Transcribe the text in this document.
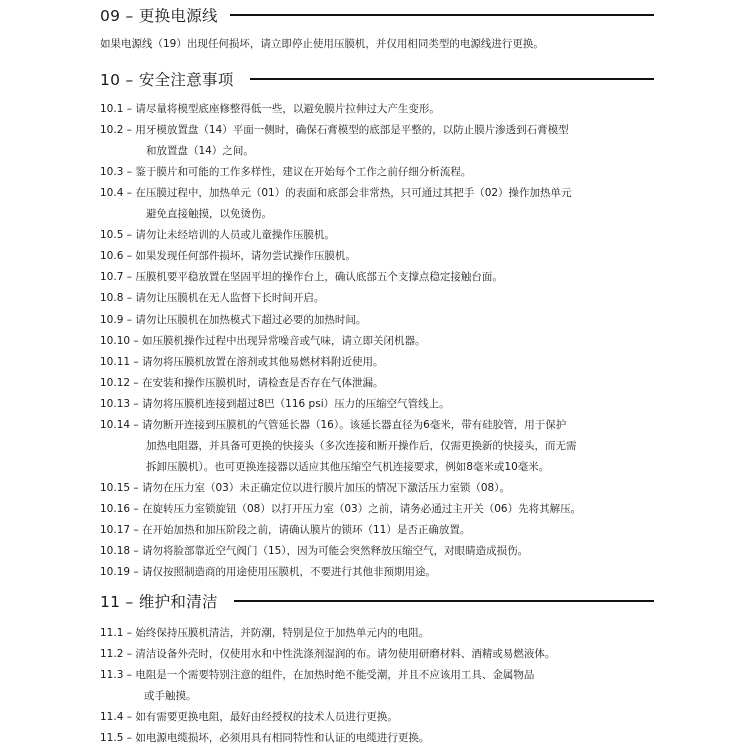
09 – 更换电源线
如果电源线（19）出现任何损坏，请立即停止使用压膜机，并仅用相同类型的电源线进行更换。
10 – 安全注意事项
10.1 – 请尽量将模型底座修整得低一些，以避免膜片拉伸过大产生变形。
10.2 – 用牙模放置盘（14）平面一侧时，确保石膏模型的底部是平整的，以防止膜片渗透到石膏模型
和放置盘（14）之间。
10.3 – 鉴于膜片和可能的工作多样性，建议在开始每个工作之前仔细分析流程。
10.4 – 在压膜过程中，加热单元（01）的表面和底部会非常热，只可通过其把手（02）操作加热单元
避免直接触摸，以免烫伤。
10.5 – 请勿让未经培训的人员或儿童操作压膜机。
10.6 – 如果发现任何部件损坏，请勿尝试操作压膜机。
10.7 – 压膜机要平稳放置在坚固平坦的操作台上，确认底部五个支撑点稳定接触台面。
10.8 – 请勿让压膜机在无人监督下长时间开启。
10.9 – 请勿让压膜机在加热模式下超过必要的加热时间。
10.10 – 如压膜机操作过程中出现异常噪音或气味，请立即关闭机器。
10.11 – 请勿将压膜机放置在溶剂或其他易燃材料附近使用。
10.12 – 在安装和操作压膜机时，请检查是否存在气体泄漏。
10.13 – 请勿将压膜机连接到超过8巴（116 psi）压力的压缩空气管线上。
10.14 – 请勿断开连接到压膜机的气管延长器（16）。该延长器直径为6毫米，带有硅胶管，用于保护
加热电阻器，并具备可更换的快接头（多次连接和断开操作后，仅需更换新的快接头，而无需
拆卸压膜机）。也可更换连接器以适应其他压缩空气机连接要求，例如8毫米或10毫米。
10.15 – 请勿在压力室（03）未正确定位以进行膜片加压的情况下激活压力室锁（08）。
10.16 – 在旋转压力室锁旋钮（08）以打开压力室（03）之前，请务必通过主开关（06）先将其解压。
10.17 – 在开始加热和加压阶段之前，请确认膜片的锁环（11）是否正确放置。
10.18 – 请勿将脸部靠近空气阀门（15），因为可能会突然释放压缩空气，对眼睛造成损伤。
10.19 – 请仅按照制造商的用途使用压膜机，不要进行其他非预期用途。
11 – 维护和清洁
11.1 – 始终保持压膜机清洁，并防潮，特别是位于加热单元内的电阻。
11.2 – 清洁设备外壳时，仅使用水和中性洗涤剂湿润的布。请勿使用研磨材料、酒精或易燃液体。
11.3 – 电阻是一个需要特别注意的组件，在加热时绝不能受潮，并且不应该用工具、金属物品
或手触摸。
11.4 – 如有需要更换电阻，最好由经授权的技术人员进行更换。
11.5 – 如电源电缆损坏，必须用具有相同特性和认证的电缆进行更换。
